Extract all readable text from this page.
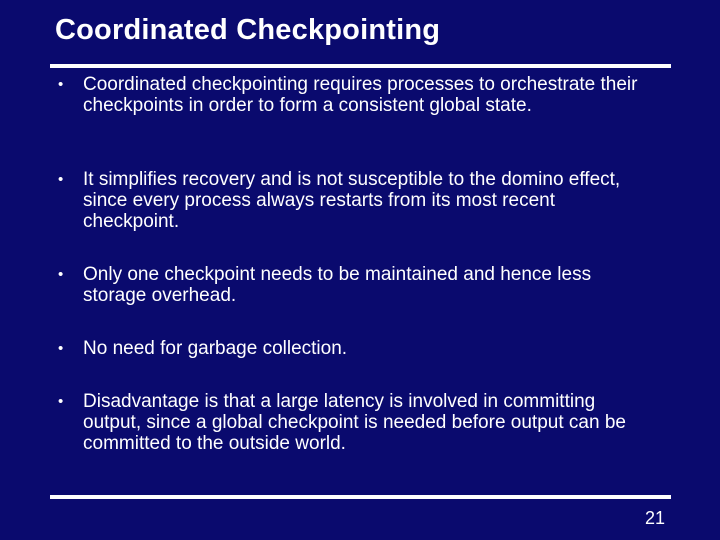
Coordinated Checkpointing
• Coordinated checkpointing requires processes to orchestrate their checkpoints in order to form a consistent global state.
• It simplifies recovery and is not susceptible to the domino effect, since every process always restarts from its most recent checkpoint.
• Only one checkpoint needs to be maintained and hence less storage overhead.
• No need for garbage collection.
• Disadvantage is that a large latency is involved in committing output, since a global checkpoint is needed before output can be committed to the outside world.
21
